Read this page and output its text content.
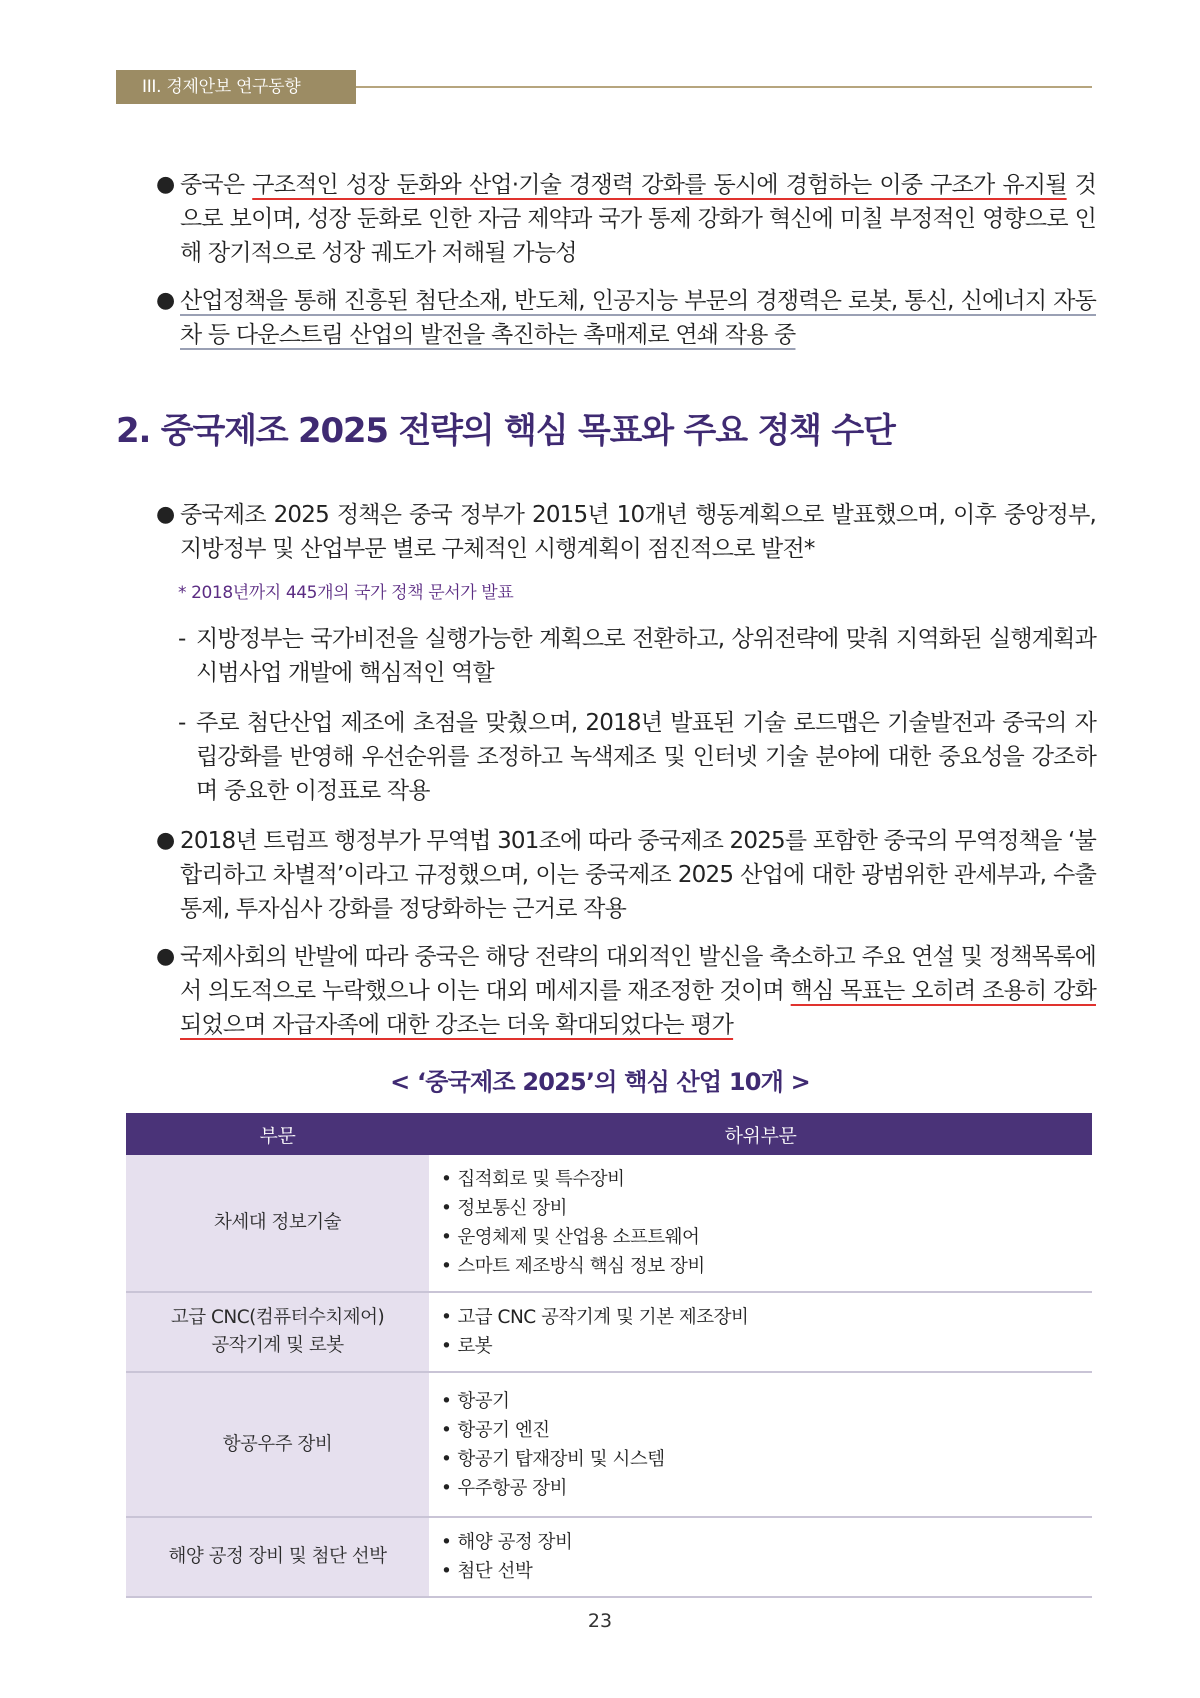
III. 경제안보 연구동향
● 중국은 구조적인 성장 둔화와 산업·기술 경쟁력 강화를 동시에 경험하는 이중 구조가 유지될 것으로 보이며, 성장 둔화로 인한 자금 제약과 국가 통제 강화가 혁신에 미칠 부정적인 영향으로 인해 장기적으로 성장 궤도가 저해될 가능성
● 산업정책을 통해 진흥된 첨단소재, 반도체, 인공지능 부문의 경쟁력은 로봇, 통신, 신에너지 자동차 등 다운스트림 산업의 발전을 촉진하는 촉매제로 연쇄 작용 중
2. 중국제조 2025 전략의 핵심 목표와 주요 정책 수단
● 중국제조 2025 정책은 중국 정부가 2015년 10개년 행동계획으로 발표했으며, 이후 중앙정부, 지방정부 및 산업부문 별로 구체적인 시행계획이 점진적으로 발전*
* 2018년까지 445개의 국가 정책 문서가 발표
- 지방정부는 국가비전을 실행가능한 계획으로 전환하고, 상위전략에 맞춰 지역화된 실행계획과 시범사업 개발에 핵심적인 역할
- 주로 첨단산업 제조에 초점을 맞췄으며, 2018년 발표된 기술 로드맵은 기술발전과 중국의 자립강화를 반영해 우선순위를 조정하고 녹색제조 및 인터넷 기술 분야에 대한 중요성을 강조하며 중요한 이정표로 작용
● 2018년 트럼프 행정부가 무역법 301조에 따라 중국제조 2025를 포함한 중국의 무역정책을 ‘불합리하고 차별적’이라고 규정했으며, 이는 중국제조 2025 산업에 대한 광범위한 관세부과, 수출통제, 투자심사 강화를 정당화하는 근거로 작용
● 국제사회의 반발에 따라 중국은 해당 전략의 대외적인 발신을 축소하고 주요 연설 및 정책목록에서 의도적으로 누락했으나 이는 대외 메세지를 재조정한 것이며 핵심 목표는 오히려 조용히 강화되었으며 자급자족에 대한 강조는 더욱 확대되었다는 평가
< ‘중국제조 2025’의 핵심 산업 10개 >
부문	하위부문
차세대 정보기술	• 집적회로 및 특수장비
• 정보통신 장비
• 운영체제 및 산업용 소프트웨어
• 스마트 제조방식 핵심 정보 장비

고급 CNC(컴퓨터수치제어)
공작기계 및 로봇	• 고급 CNC 공작기계 및 기본 제조장비
• 로봇

항공우주 장비	• 항공기
• 항공기 엔진
• 항공기 탑재장비 및 시스템
• 우주항공 장비

해양 공정 장비 및 첨단 선박	• 해양 공정 장비
• 첨단 선박
23
